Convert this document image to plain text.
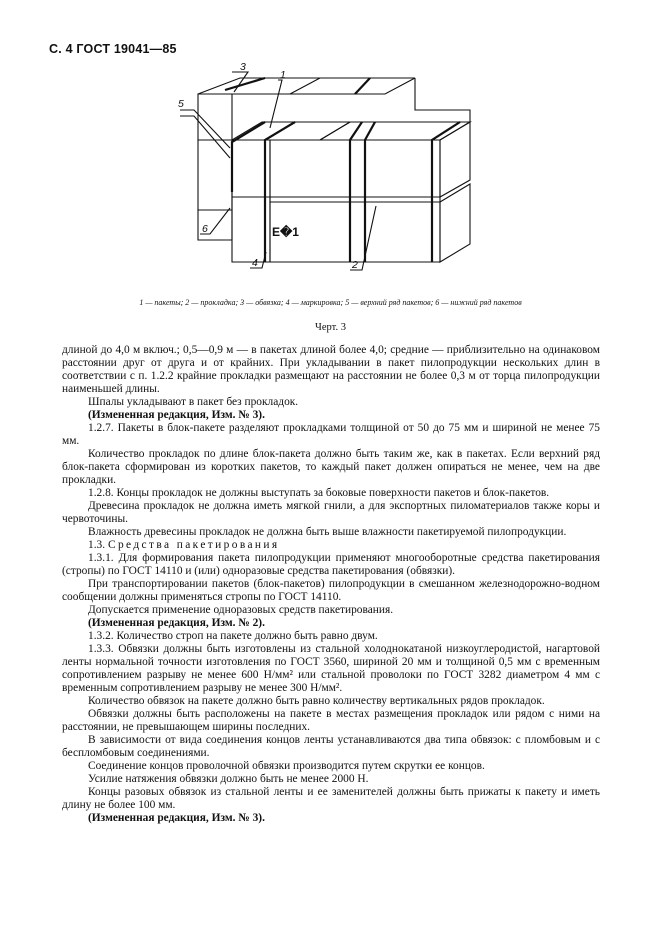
С. 4 ГОСТ 19041—85
3
1
5
6
4	2
Е�1
1 — пакеты; 2 — прокладка; 3 — обвязка; 4 — маркировка; 5 — верхний ряд пакетов; 6 — нижний ряд пакетов
Черт. 3

длиной до 4,0 м включ.; 0,5—0,9 м — в пакетах длиной более 4,0; средние — приблизительно на одинаковом расстоянии друг от друга и от крайних. При укладывании в пакет пилопродукции нескольких длин в соответствии с п. 1.2.2 крайние прокладки размещают на расстоянии не более 0,3 м от торца пилопродукции наименьшей длины.

Шпалы укладывают в пакет без прокладок.

(Измененная редакция, Изм. № 3).

1.2.7. Пакеты в блок-пакете разделяют прокладками толщиной от 50 до 75 мм и шириной не менее 75 мм.

Количество прокладок по длине блок-пакета должно быть таким же, как в пакетах. Если верхний ряд блок-пакета сформирован из коротких пакетов, то каждый пакет должен опираться не менее, чем на две прокладки.

1.2.8. Концы прокладок не должны выступать за боковые поверхности пакетов и блок-пакетов.

Древесина прокладок не должна иметь мягкой гнили, а для экспортных пиломатериалов также коры и червоточины.

Влажность древесины прокладок не должна быть выше влажности пакетируемой пилопродукции.

1.3. Средства пакетирования

1.3.1. Для формирования пакета пилопродукции применяют многооборотные средства пакетирования (стропы) по ГОСТ 14110 и (или) одноразовые средства пакетирования (обвязки).

При транспортировании пакетов (блок-пакетов) пилопродукции в смешанном железнодорожно-водном сообщении должны применяться стропы по ГОСТ 14110.

Допускается применение одноразовых средств пакетирования.

(Измененная редакция, Изм. № 2).

1.3.2. Количество строп на пакете должно быть равно двум.

1.3.3. Обвязки должны быть изготовлены из стальной холоднокатаной низкоуглеродистой, нагартовой ленты нормальной точности изготовления по ГОСТ 3560, шириной 20 мм и толщиной 0,5 мм с временным сопротивлением разрыву не менее 600 Н/мм² или стальной проволоки по ГОСТ 3282 диаметром 4 мм с временным сопротивлением разрыву не менее 300 Н/мм².

Количество обвязок на пакете должно быть равно количеству вертикальных рядов прокладок.

Обвязки должны быть расположены на пакете в местах размещения прокладок или рядом с ними на расстоянии, не превышающем ширины последних.

В зависимости от вида соединения концов ленты устанавливаются два типа обвязок: с пломбовым и с беспломбовым соединениями.

Соединение концов проволочной обвязки производится путем скрутки ее концов.

Усилие натяжения обвязки должно быть не менее 2000 Н.

Концы разовых обвязок из стальной ленты и ее заменителей должны быть прижаты к пакету и иметь длину не более 100 мм.

(Измененная редакция, Изм. № 3).
